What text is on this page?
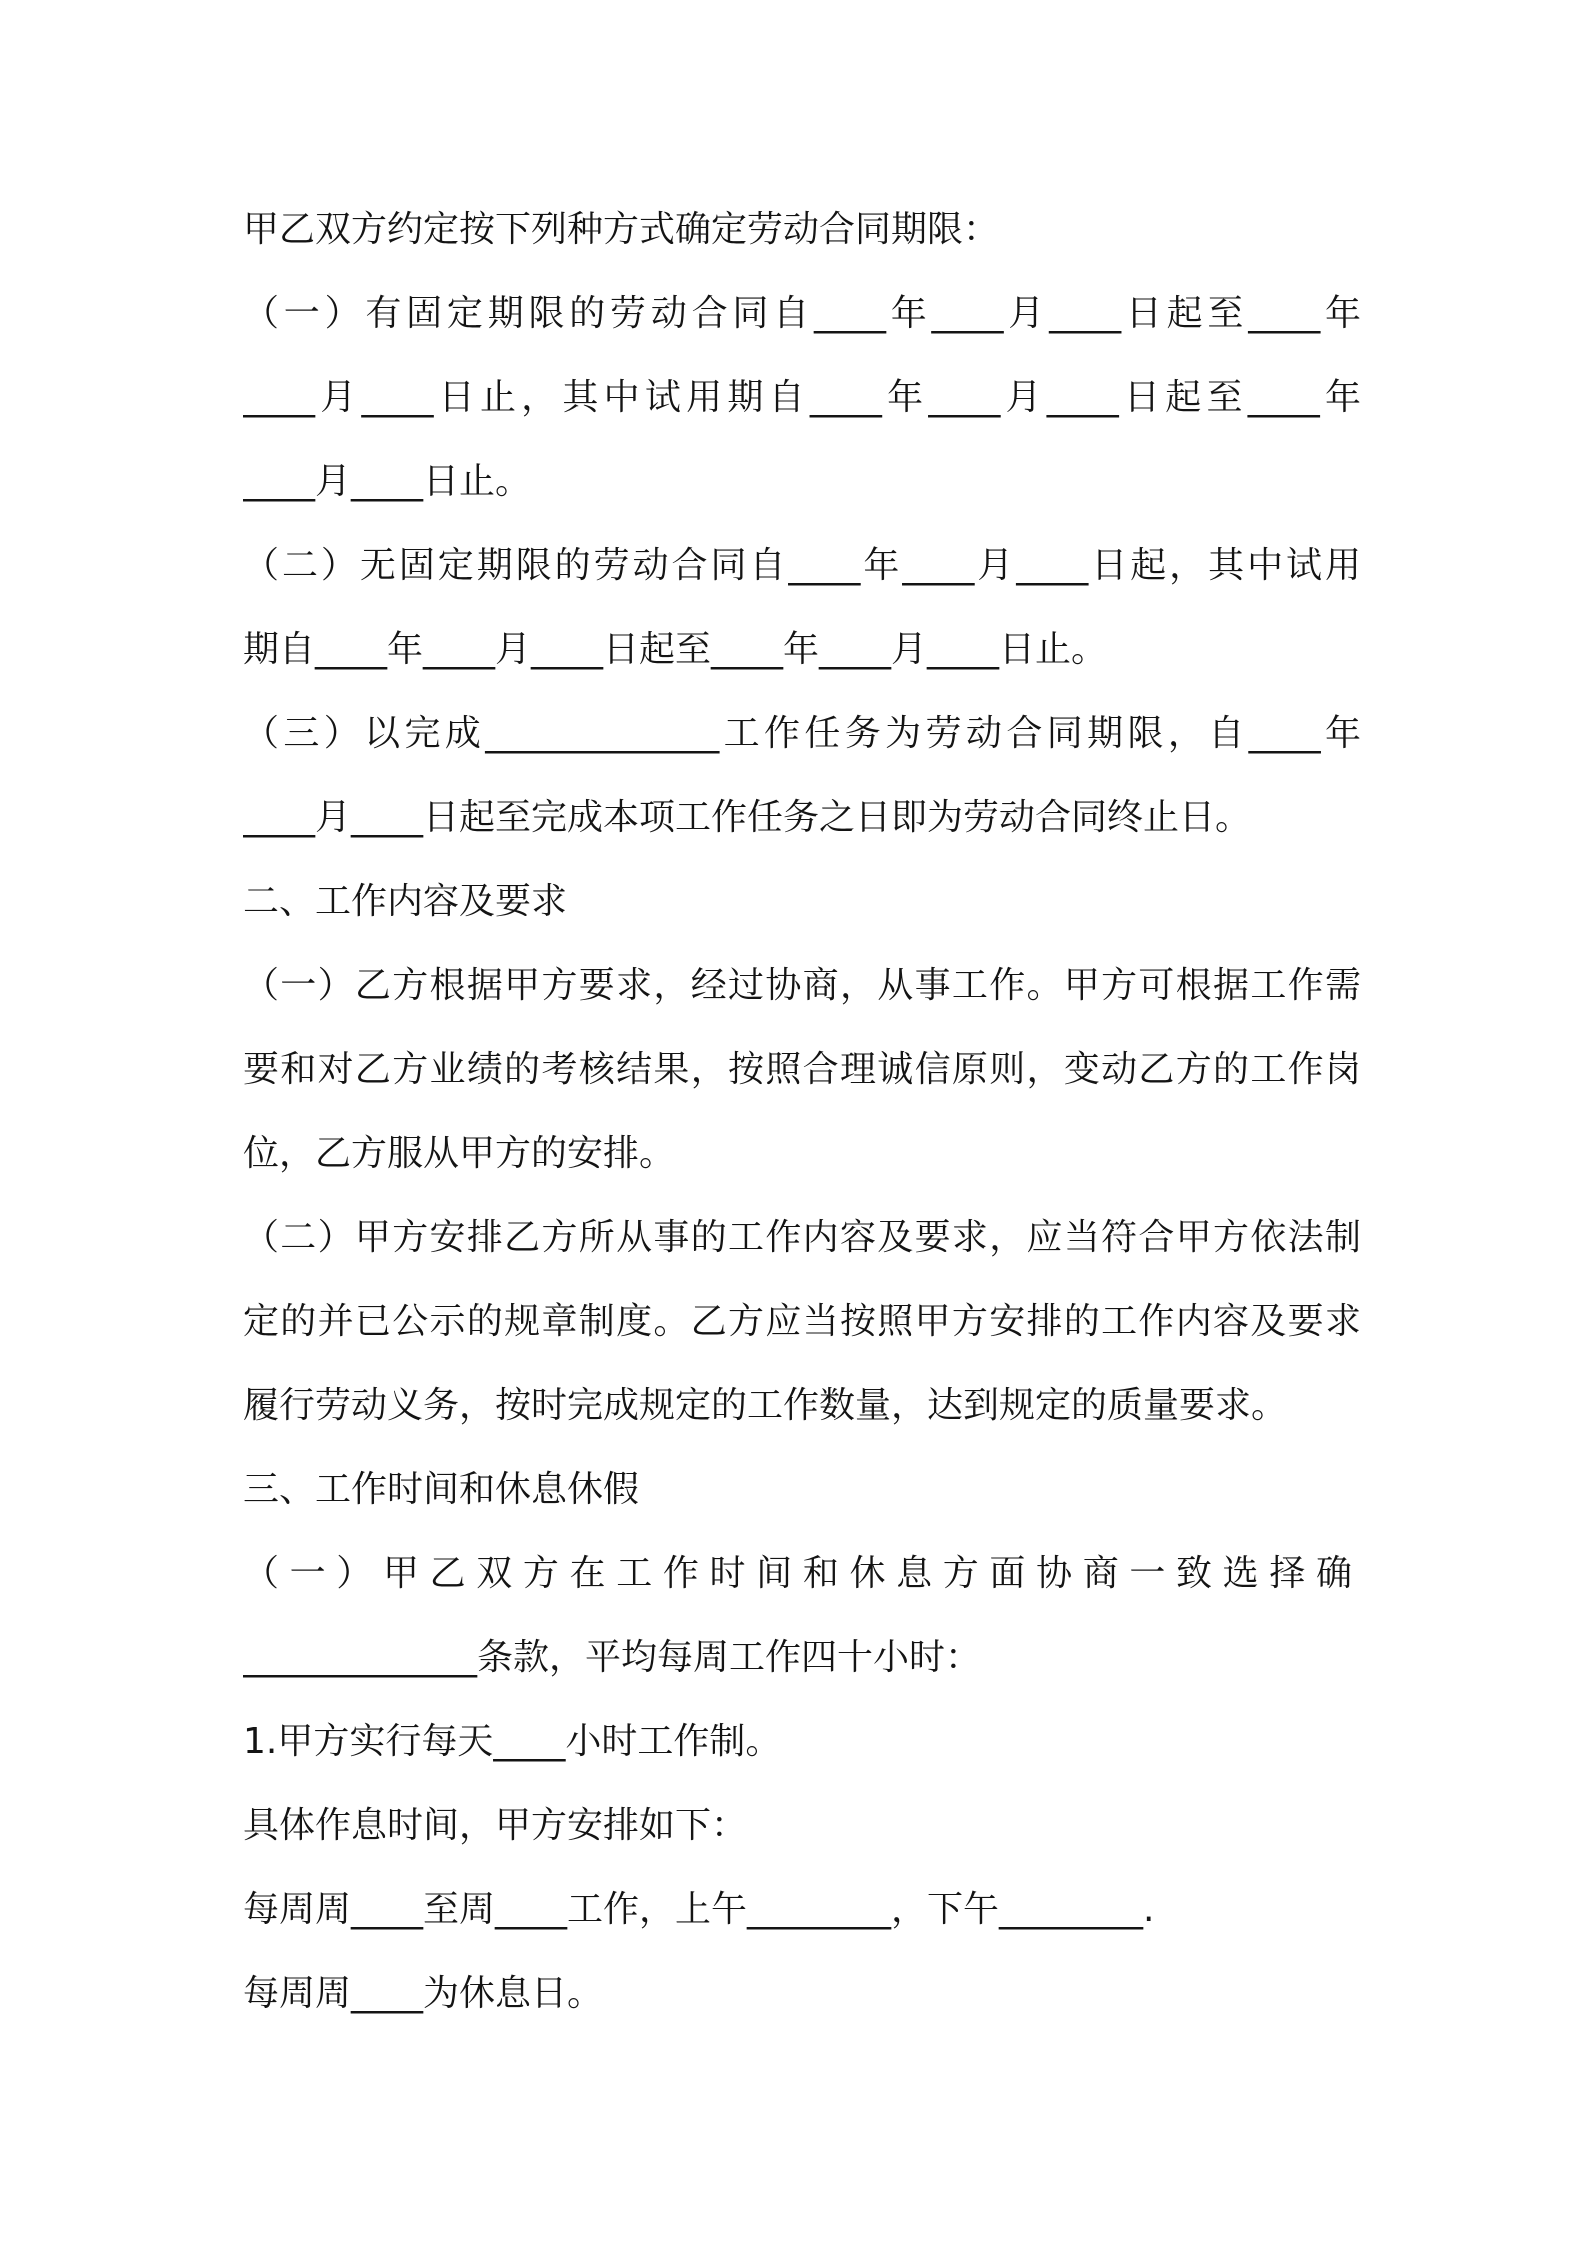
甲乙双方约定按下列种方式确定劳动合同期限：
（一）有固定期限的劳动合同自____年____月____日起至____年
____月____日止，其中试用期自____年____月____日起至____年
____月____日止。
（二）无固定期限的劳动合同自____年____月____日起，其中试用
期自____年____月____日起至____年____月____日止。
（三）以完成_____________工作任务为劳动合同期限，自____年
____月____日起至完成本项工作任务之日即为劳动合同终止日。
二、工作内容及要求
（一）乙方根据甲方要求，经过协商，从事工作。甲方可根据工作需
要和对乙方业绩的考核结果，按照合理诚信原则，变动乙方的工作岗
位，乙方服从甲方的安排。
（二）甲方安排乙方所从事的工作内容及要求，应当符合甲方依法制
定的并已公示的规章制度。乙方应当按照甲方安排的工作内容及要求
履行劳动义务，按时完成规定的工作数量，达到规定的质量要求。
三、工作时间和休息休假
（一）甲乙双方在工作时间和休息方面协商一致选择确
_____________条款，平均每周工作四十小时：
1.甲方实行每天____小时工作制。
具体作息时间，甲方安排如下：
每周周____至周____工作，上午________，下午________.
每周周____为休息日。
